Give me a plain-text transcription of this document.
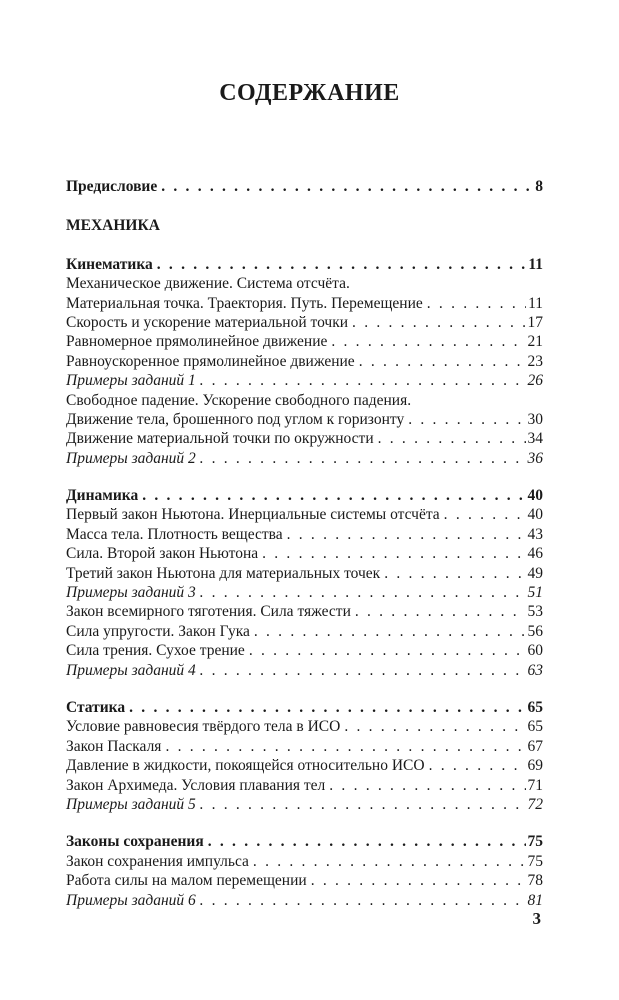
СОДЕРЖАНИЕ
Предисловие . . .	8
МЕХАНИКА
Кинематика . . .	11
Механическое движение. Система отсчёта.
Материальная точка. Траектория. Путь. Перемещение . . .	11
Скорость и ускорение материальной точки . . .	17
Равномерное прямолинейное движение . . .	21
Равноускоренное прямолинейное движение . . .	23
Примеры заданий 1 . . .	26
Свободное падение. Ускорение свободного падения.
Движение тела, брошенного под углом к горизонту . . .	30
Движение материальной точки по окружности . . .	34
Примеры заданий 2 . . .	36
Динамика . . .	40
Первый закон Ньютона. Инерциальные системы отсчёта . . .	40
Масса тела. Плотность вещества . . .	43
Сила. Второй закон Ньютона . . .	46
Третий закон Ньютона для материальных точек . . .	49
Примеры заданий 3 . . .	51
Закон всемирного тяготения. Сила тяжести . . .	53
Сила упругости. Закон Гука . . .	56
Сила трения. Сухое трение . . .	60
Примеры заданий 4 . . .	63
Статика . . .	65
Условие равновесия твёрдого тела в ИСО . . .	65
Закон Паскаля . . .	67
Давление в жидкости, покоящейся относительно ИСО . . .	69
Закон Архимеда. Условия плавания тел . . .	71
Примеры заданий 5 . . .	72
Законы сохранения . . .	75
Закон сохранения импульса . . .	75
Работа силы на малом перемещении . . .	78
Примеры заданий 6 . . .	81
3
